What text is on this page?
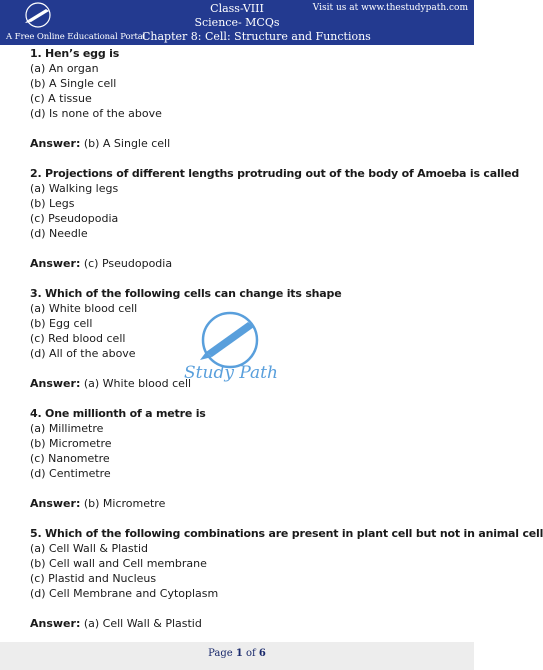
A Free Online Educational Portal
Class-VIII
Science- MCQs
Chapter 8: Cell: Structure and Functions
Visit us at www.thestudypath.com
Study Path
1. Hen’s egg is
(a) An organ
(b) A Single cell
(c) A tissue
(d) Is none of the above
Answer: (b) A Single cell
2. Projections of different lengths protruding out of the body of Amoeba is called
(a) Walking legs
(b) Legs
(c) Pseudopodia
(d) Needle
Answer: (c) Pseudopodia
3. Which of the following cells can change its shape
(a) White blood cell
(b) Egg cell
(c) Red blood cell
(d) All of the above
Answer: (a) White blood cell
4. One millionth of a metre is
(a) Millimetre
(b) Micrometre
(c) Nanometre
(d) Centimetre
Answer: (b) Micrometre
5. Which of the following combinations are present in plant cell but not in animal cell
(a) Cell Wall & Plastid
(b) Cell wall and Cell membrane
(c) Plastid and Nucleus
(d) Cell Membrane and Cytoplasm
Answer: (a) Cell Wall & Plastid
Page 1 of 6
